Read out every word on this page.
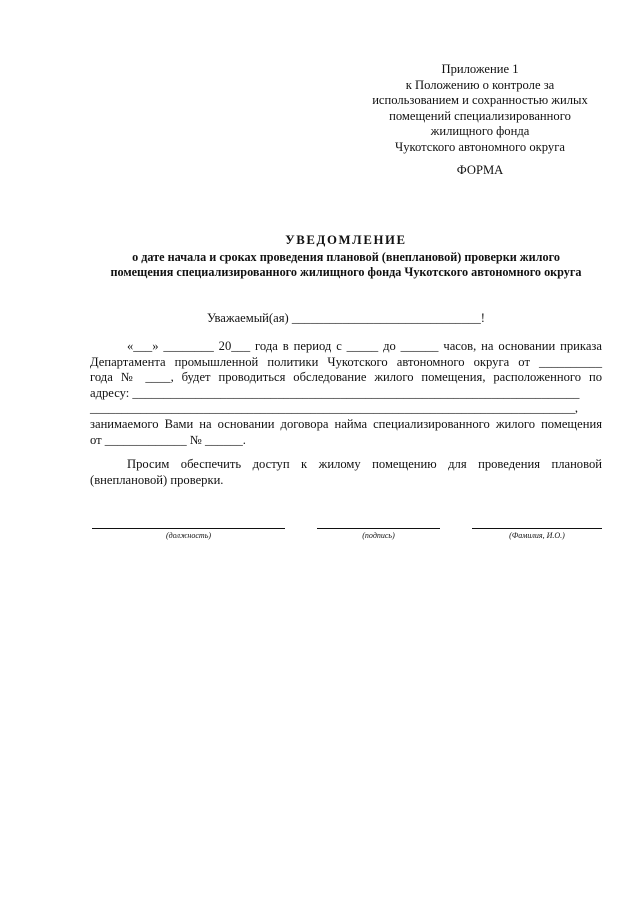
Приложение 1
к Положению о контроле за
использованием и сохранностью жилых
помещений специализированного
жилищного фонда
Чукотского автономного округа
ФОРМА
УВЕДОМЛЕНИЕ
о дате начала и сроках проведения плановой (внеплановой) проверки жилого
помещения специализированного жилищного фонда Чукотского автономного округа
Уважаемый(ая) ______________________________!
«___» ________ 20___ года в период с _____ до ______ часов, на основании приказа
Департамента промышленной политики Чукотского автономного округа от __________
года № ____, будет проводиться обследование жилого помещения, расположенного по
адресу: _______________________________________________________________________
_____________________________________________________________________________,
занимаемого Вами на основании договора найма специализированного жилого помещения
от _____________ № ______.
Просим обеспечить доступ к жилому помещению для проведения плановой
(внеплановой) проверки.
(должность)	(подпись)	(Фамилия, И.О.)
